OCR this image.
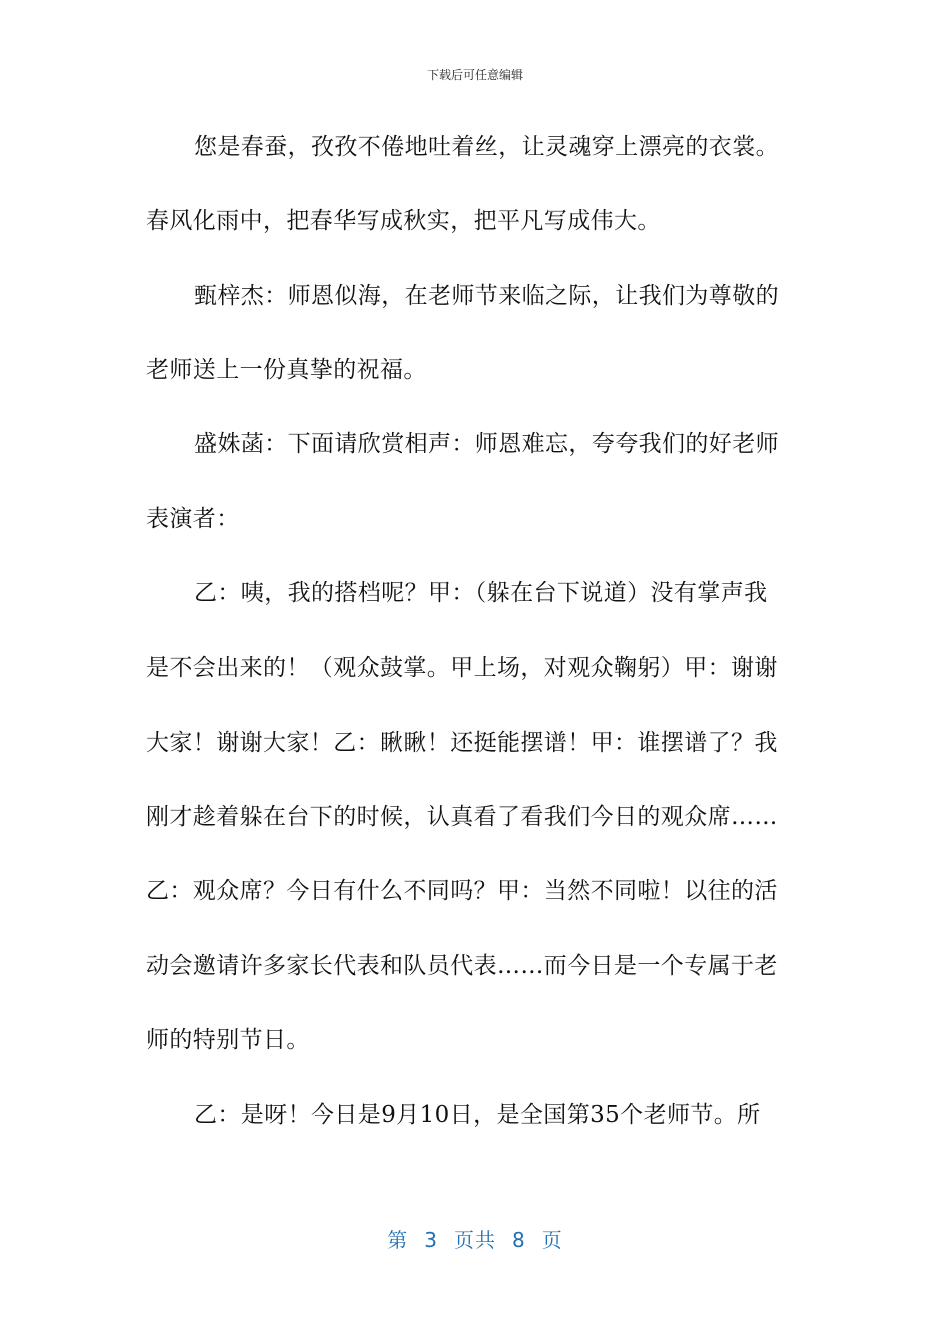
下载后可任意编辑
您是春蚕，孜孜不倦地吐着丝，让灵魂穿上漂亮的衣裳。
春风化雨中，把春华写成秋实，把平凡写成伟大。
甄梓杰：师恩似海，在老师节来临之际，让我们为尊敬的
老师送上一份真挚的祝福。
盛姝菡：下面请欣赏相声：师恩难忘，夸夸我们的好老师
表演者：
乙：咦，我的搭档呢？甲：（躲在台下说道）没有掌声我
是不会出来的！（观众鼓掌。甲上场，对观众鞠躬）甲：谢谢
大家！谢谢大家！乙：瞅瞅！还挺能摆谱！甲：谁摆谱了？我
刚才趁着躲在台下的时候，认真看了看我们今日的观众席……
乙：观众席？今日有什么不同吗？甲：当然不同啦！以往的活
动会邀请许多家长代表和队员代表……而今日是一个专属于老
师的特别节日。
乙：是呀！今日是9月10日，是全国第35个老师节。所
第 3 页共 8 页
